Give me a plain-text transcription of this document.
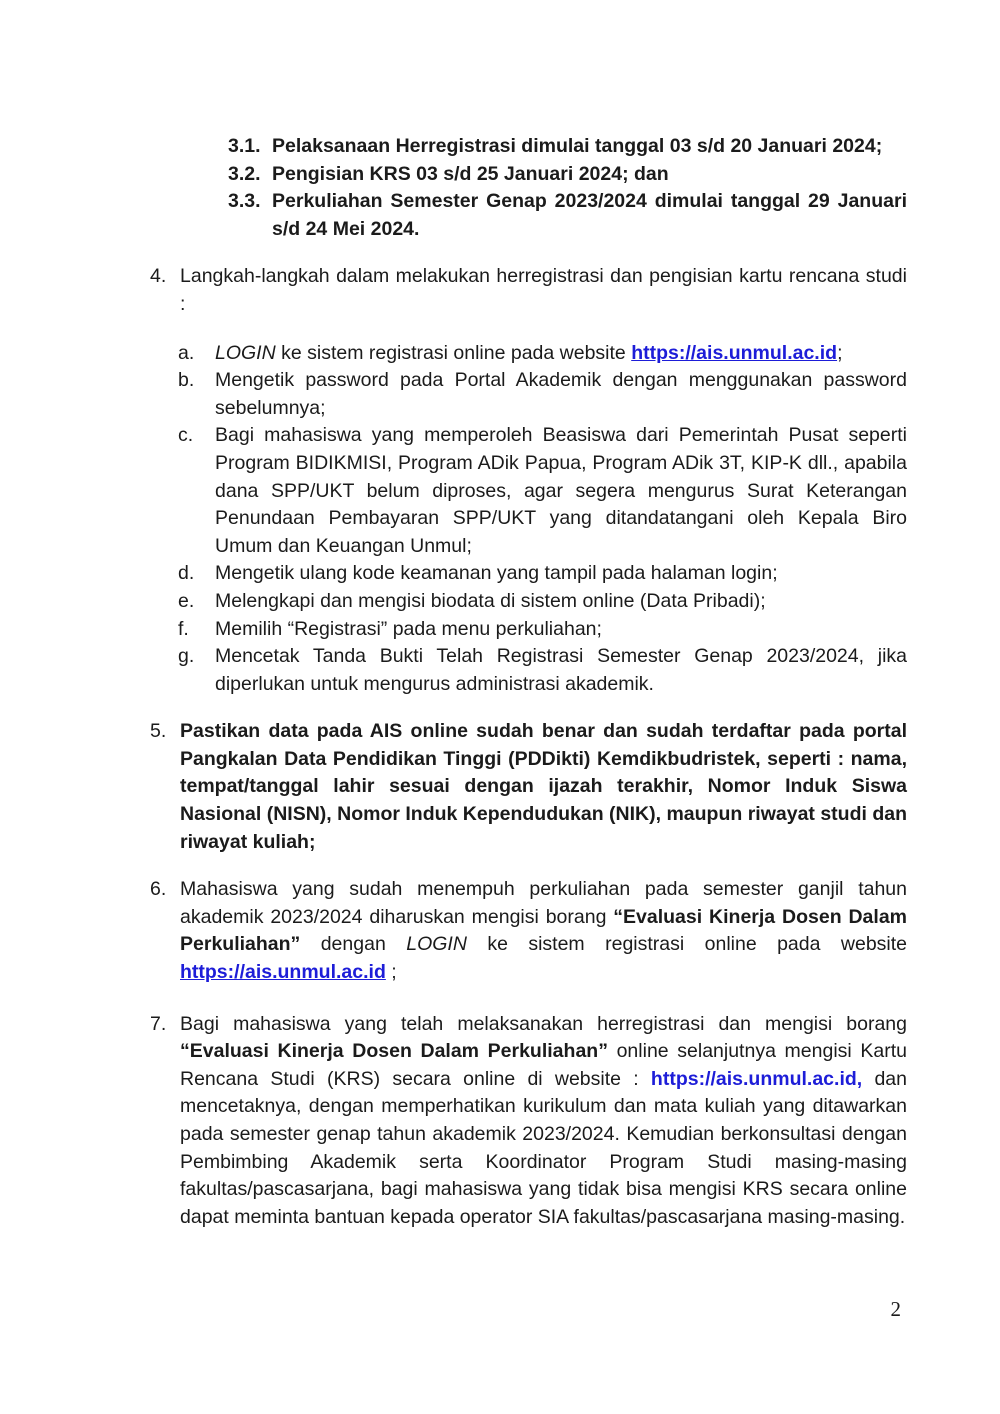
3.1. Pelaksanaan Herregistrasi dimulai tanggal 03 s/d 20 Januari 2024;
3.2. Pengisian KRS 03 s/d 25 Januari 2024; dan
3.3. Perkuliahan Semester Genap 2023/2024 dimulai tanggal 29 Januari s/d 24 Mei 2024.
4. Langkah-langkah dalam melakukan herregistrasi dan pengisian kartu rencana studi :
a.	LOGIN ke sistem registrasi online pada website https://ais.unmul.ac.id;
b.	Mengetik password pada Portal Akademik dengan menggunakan password sebelumnya;
c.	Bagi mahasiswa yang memperoleh Beasiswa dari Pemerintah Pusat seperti Program BIDIKMISI, Program ADik Papua, Program ADik 3T, KIP-K dll., apabila dana SPP/UKT belum diproses, agar segera mengurus Surat Keterangan Penundaan Pembayaran SPP/UKT yang ditandatangani oleh Kepala Biro Umum dan Keuangan Unmul;
d.	Mengetik ulang kode keamanan yang tampil pada halaman login;
e.	Melengkapi dan mengisi biodata di sistem online (Data Pribadi);
f.	Memilih “Registrasi” pada menu perkuliahan;
g.	Mencetak Tanda Bukti Telah Registrasi Semester Genap 2023/2024, jika diperlukan untuk mengurus administrasi akademik.
5. Pastikan data pada AIS online sudah benar dan sudah terdaftar pada portal Pangkalan Data Pendidikan Tinggi (PDDikti) Kemdikbudristek, seperti : nama, tempat/tanggal lahir sesuai dengan ijazah terakhir, Nomor Induk Siswa Nasional (NISN), Nomor Induk Kependudukan (NIK), maupun riwayat studi dan riwayat kuliah;
6. Mahasiswa yang sudah menempuh perkuliahan pada semester ganjil tahun akademik 2023/2024 diharuskan mengisi borang “Evaluasi Kinerja Dosen Dalam Perkuliahan” dengan LOGIN ke sistem registrasi online pada website https://ais.unmul.ac.id ;
7. Bagi mahasiswa yang telah melaksanakan herregistrasi dan mengisi borang “Evaluasi Kinerja Dosen Dalam Perkuliahan” online selanjutnya mengisi Kartu Rencana Studi (KRS) secara online di website : https://ais.unmul.ac.id, dan mencetaknya, dengan memperhatikan kurikulum dan mata kuliah yang ditawarkan pada semester genap tahun akademik 2023/2024. Kemudian berkonsultasi dengan Pembimbing Akademik serta Koordinator Program Studi masing-masing fakultas/pascasarjana, bagi mahasiswa yang tidak bisa mengisi KRS secara online dapat meminta bantuan kepada operator SIA fakultas/pascasarjana masing-masing.
2
